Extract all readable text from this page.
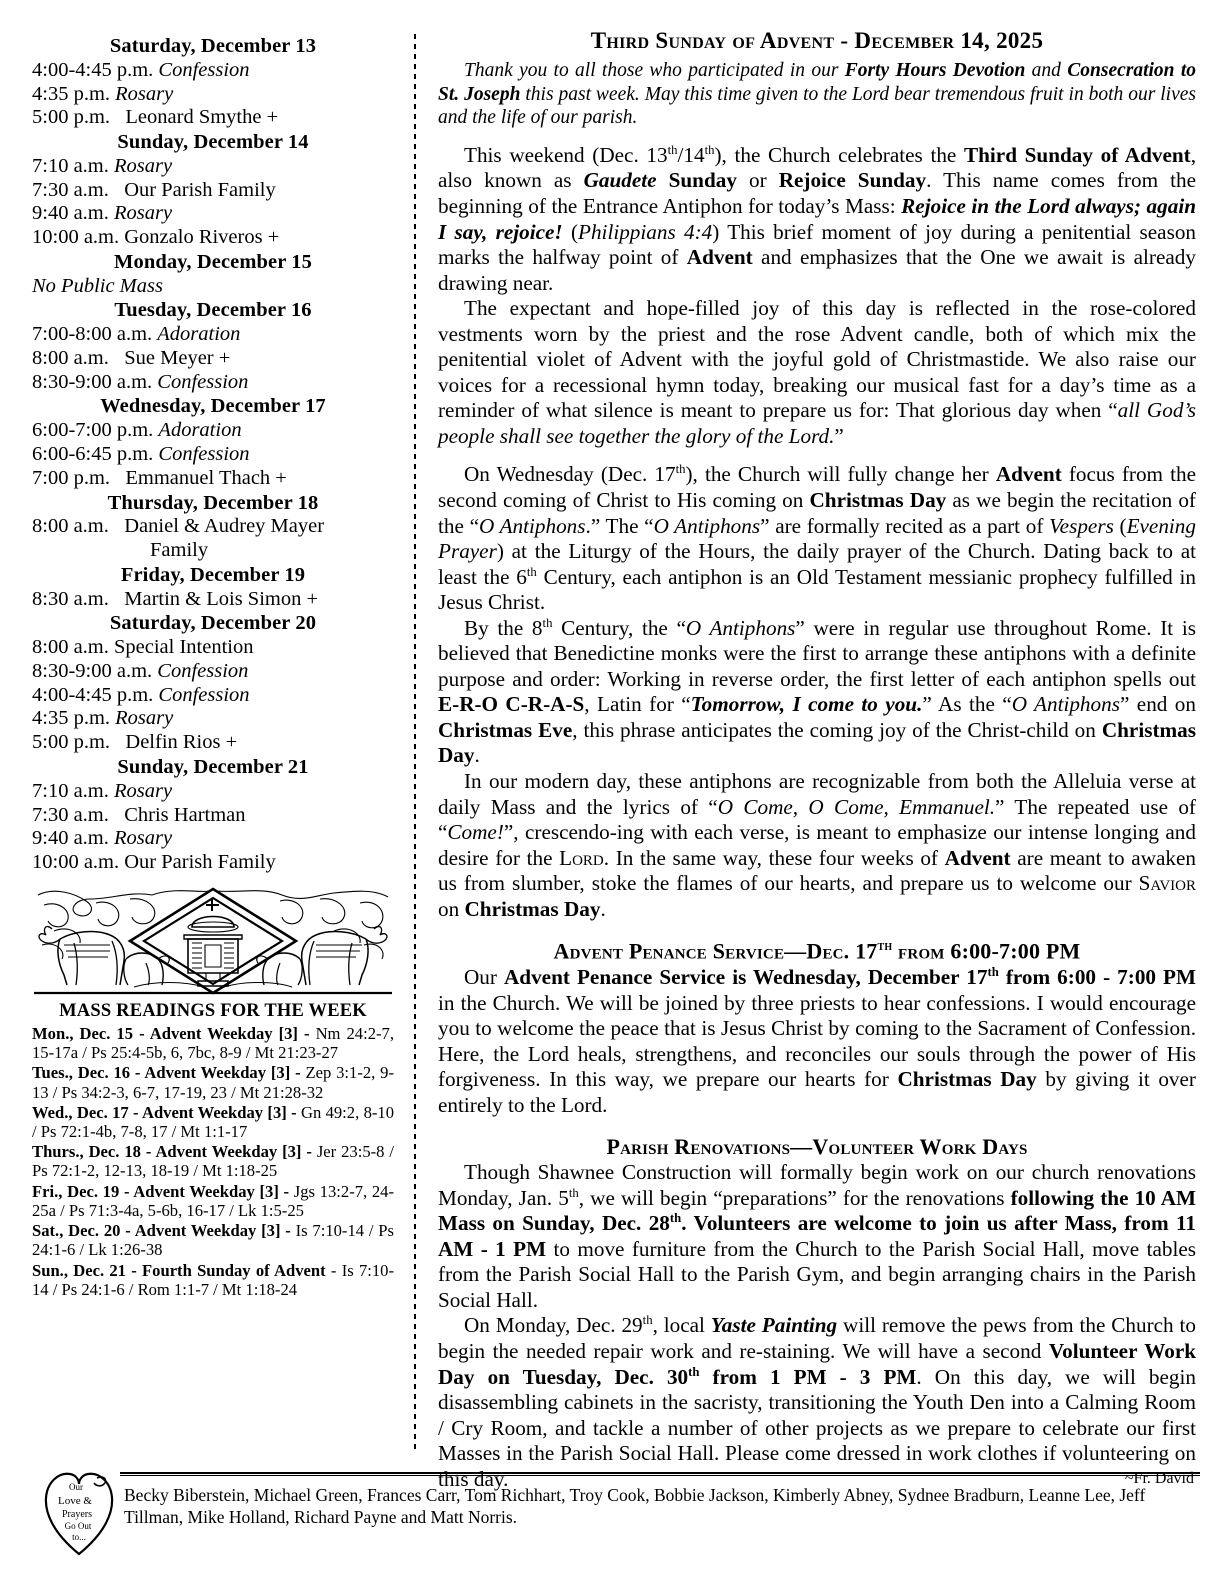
Saturday, December 13
4:00-4:45 p.m. Confession
4:35 p.m. Rosary
5:00 p.m.   Leonard Smythe +
Sunday, December 14
7:10 a.m. Rosary
7:30 a.m.   Our Parish Family
9:40 a.m. Rosary
10:00 a.m. Gonzalo Riveros +
Monday, December 15
No Public Mass
Tuesday, December 16
7:00-8:00 a.m. Adoration
8:00 a.m.   Sue Meyer +
8:30-9:00 a.m. Confession
Wednesday, December 17
6:00-7:00 p.m. Adoration
6:00-6:45 p.m. Confession
7:00 p.m.   Emmanuel Thach +
Thursday, December 18
8:00 a.m.   Daniel & Audrey Mayer
Family
Friday, December 19
8:30 a.m.   Martin & Lois Simon +
Saturday, December 20
8:00 a.m. Special Intention
8:30-9:00 a.m. Confession
4:00-4:45 p.m. Confession
4:35 p.m. Rosary
5:00 p.m.   Delfin Rios +
Sunday, December 21
7:10 a.m. Rosary
7:30 a.m.   Chris Hartman
9:40 a.m. Rosary
10:00 a.m. Our Parish Family
MASS READINGS FOR THE WEEK

Mon., Dec. 15 - Advent Weekday [3] - Nm 24:2-7, 15-17a / Ps 25:4-5b, 6, 7bc, 8-9 / Mt 21:23-27

Tues., Dec. 16 - Advent Weekday [3] - Zep 3:1-2, 9-13 / Ps 34:2-3, 6-7, 17-19, 23 / Mt 21:28-32

Wed., Dec. 17 - Advent Weekday [3] - Gn 49:2, 8-10 / Ps 72:1-4b, 7-8, 17 / Mt 1:1-17

Thurs., Dec. 18 - Advent Weekday [3] - Jer 23:5-8 / Ps 72:1-2, 12-13, 18-19 / Mt 1:18-25

Fri., Dec. 19 - Advent Weekday [3] - Jgs 13:2-7, 24-25a / Ps 71:3-4a, 5-6b, 16-17 / Lk 1:5-25

Sat., Dec. 20 - Advent Weekday [3] - Is 7:10-14 / Ps 24:1-6 / Lk 1:26-38

Sun., Dec. 21 - Fourth Sunday of Advent - Is 7:10-14 / Ps 24:1-6 / Rom 1:1-7 / Mt 1:18-24

Third Sunday of Advent - December 14, 2025
Thank you to all those who participated in our Forty Hours Devotion and Consecration to St. Joseph this past week. May this time given to the Lord bear tremendous fruit in both our lives and the life of our parish.

This weekend (Dec. 13th/14th), the Church celebrates the Third Sunday of Advent, also known as Gaudete Sunday or Rejoice Sunday. This name comes from the beginning of the Entrance Antiphon for today’s Mass: Rejoice in the Lord always; again I say, rejoice! (Philippians 4:4) This brief moment of joy during a penitential season marks the halfway point of Advent and emphasizes that the One we await is already drawing near.

The expectant and hope-filled joy of this day is reflected in the rose-colored vestments worn by the priest and the rose Advent candle, both of which mix the penitential violet of Advent with the joyful gold of Christmastide. We also raise our voices for a recessional hymn today, breaking our musical fast for a day’s time as a reminder of what silence is meant to prepare us for: That glorious day when “all God’s people shall see together the glory of the Lord.”

On Wednesday (Dec. 17th), the Church will fully change her Advent focus from the second coming of Christ to His coming on Christmas Day as we begin the recitation of the “O Antiphons.” The “O Antiphons” are formally recited as a part of Vespers (Evening Prayer) at the Liturgy of the Hours, the daily prayer of the Church. Dating back to at least the 6th Century, each antiphon is an Old Testament messianic prophecy fulfilled in Jesus Christ.

By the 8th Century, the “O Antiphons” were in regular use throughout Rome. It is believed that Benedictine monks were the first to arrange these antiphons with a definite purpose and order: Working in reverse order, the first letter of each antiphon spells out E-R-O C-R-A-S, Latin for “Tomorrow, I come to you.” As the “O Antiphons” end on Christmas Eve, this phrase anticipates the coming joy of the Christ-child on Christmas Day.

In our modern day, these antiphons are recognizable from both the Alleluia verse at daily Mass and the lyrics of “O Come, O Come, Emmanuel.” The repeated use of “Come!”, crescendo-ing with each verse, is meant to emphasize our intense longing and desire for the Lord. In the same way, these four weeks of Advent are meant to awaken us from slumber, stoke the flames of our hearts, and prepare us to welcome our Savior on Christmas Day.

Advent Penance Service—Dec. 17th from 6:00-7:00 PM

Our Advent Penance Service is Wednesday, December 17th from 6:00 - 7:00 PM in the Church. We will be joined by three priests to hear confessions. I would encourage you to welcome the peace that is Jesus Christ by coming to the Sacrament of Confession. Here, the Lord heals, strengthens, and reconciles our souls through the power of His forgiveness. In this way, we prepare our hearts for Christmas Day by giving it over entirely to the Lord.

Parish Renovations—Volunteer Work Days

Though Shawnee Construction will formally begin work on our church renovations Monday, Jan. 5th, we will begin “preparations” for the renovations following the 10 AM Mass on Sunday, Dec. 28th. Volunteers are welcome to join us after Mass, from 11 AM - 1 PM to move furniture from the Church to the Parish Social Hall, move tables from the Parish Social Hall to the Parish Gym, and begin arranging chairs in the Parish Social Hall.

On Monday, Dec. 29th, local Yaste Painting will remove the pews from the Church to begin the needed repair work and re-staining. We will have a second Volunteer Work Day on Tuesday, Dec. 30th from 1 PM - 3 PM. On this day, we will begin disassembling cabinets in the sacristy, transitioning the Youth Den into a Calming Room / Cry Room, and tackle a number of other projects as we prepare to celebrate our first Masses in the Parish Social Hall. Please come dressed in work clothes if volunteering on this day.	~Fr. David
Our
Love &
Prayers
Go Out
to...
Becky Biberstein, Michael Green, Frances Carr, Tom Richhart, Troy Cook, Bobbie Jackson, Kimberly Abney, Sydnee Bradburn, Leanne Lee, Jeff Tillman, Mike Holland, Richard Payne and Matt Norris.
